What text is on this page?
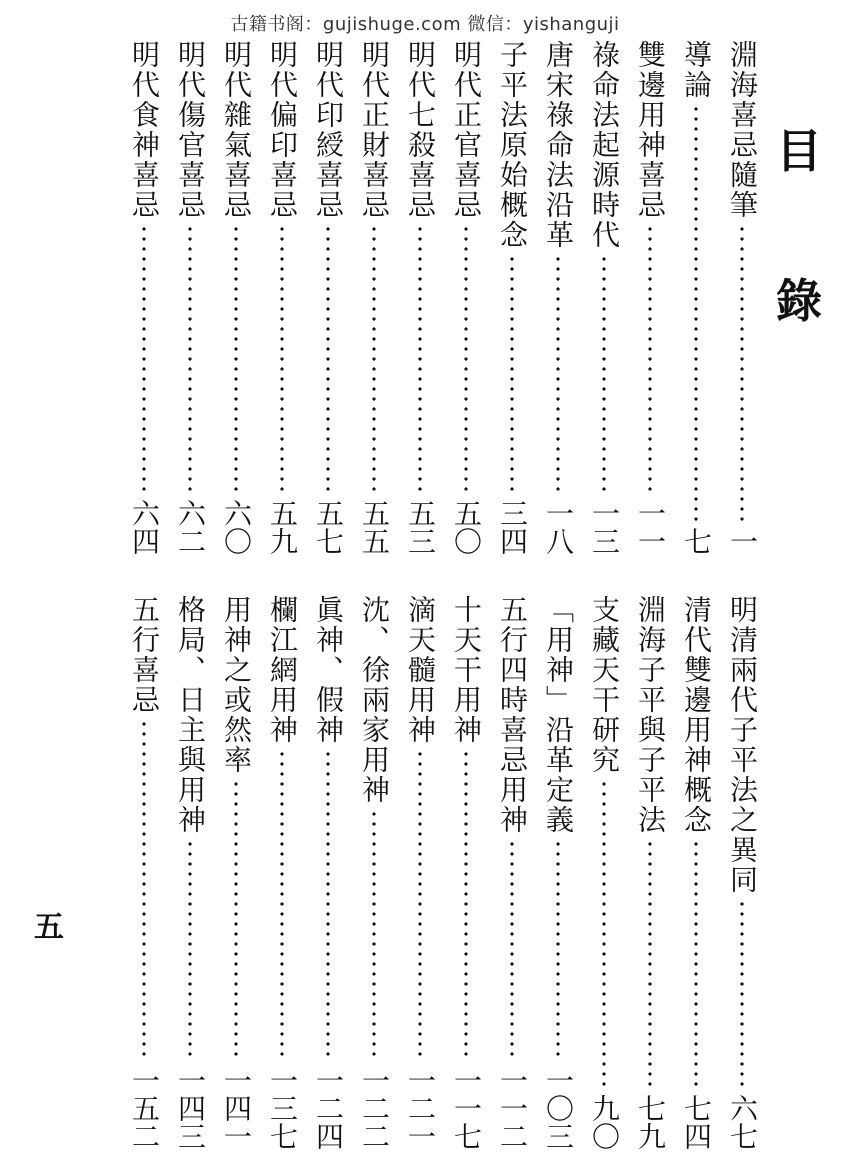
古籍书阁：gujishuge.com 微信：yishanguji
目
錄
淵海喜忌隨筆
一
導論
七
雙邊用神喜忌
一一
祿命法起源時代
一三
唐宋祿命法沿革
一八
子平法原始概念
三四
明代正官喜忌
五〇
明代七殺喜忌
五三
明代正財喜忌
五五
明代印綬喜忌
五七
明代偏印喜忌
五九
明代雜氣喜忌
六〇
明代傷官喜忌
六二
明代食神喜忌
六四
明清兩代子平法之異同
六七
清代雙邊用神概念
七四
淵海子平與子平法
七九
支藏天干研究
九〇
「用神」沿革定義
一〇三
五行四時喜忌用神
一一二
十天干用神
一一七
滴天髓用神
一二一
沈、徐兩家用神
一二二
眞神、假神
一二四
欄江網用神
一三七
用神之或然率
一四一
格局、日主與用神
一四三
五行喜忌
一五二
五
